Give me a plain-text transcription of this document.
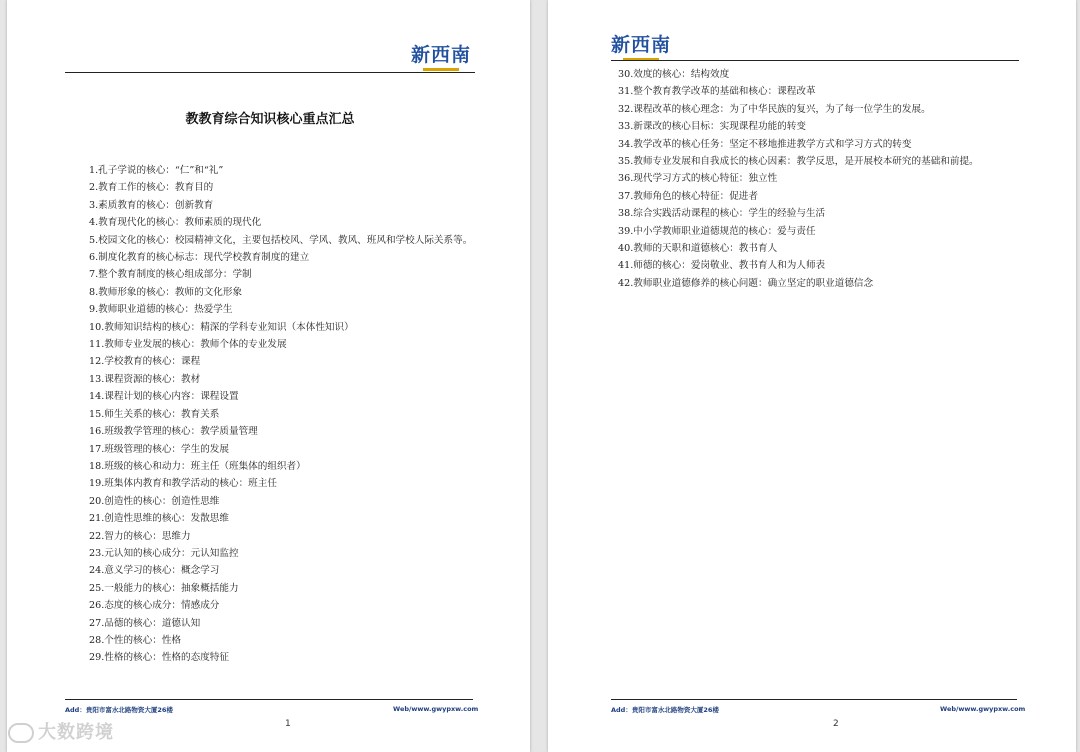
新西南
教教育综合知识核心重点汇总
1.孔子学说的核心：“仁”和“礼”
2.教育工作的核心：教育目的
3.素质教育的核心：创新教育
4.教育现代化的核心：教师素质的现代化
5.校园文化的核心：校园精神文化，主要包括校风、学风、教风、班风和学校人际关系等。
6.制度化教育的核心标志：现代学校教育制度的建立
7.整个教育制度的核心组成部分：学制
8.教师形象的核心：教师的文化形象
9.教师职业道德的核心：热爱学生
10.教师知识结构的核心：精深的学科专业知识（本体性知识）
11.教师专业发展的核心：教师个体的专业发展
12.学校教育的核心：课程
13.课程资源的核心：教材
14.课程计划的核心内容：课程设置
15.师生关系的核心：教育关系
16.班级教学管理的核心：教学质量管理
17.班级管理的核心：学生的发展
18.班级的核心和动力：班主任（班集体的组织者）
19.班集体内教育和教学活动的核心：班主任
20.创造性的核心：创造性思维
21.创造性思维的核心：发散思维
22.智力的核心：思维力
23.元认知的核心成分：元认知监控
24.意义学习的核心：概念学习
25.一般能力的核心：抽象概括能力
26.态度的核心成分：情感成分
27.品德的核心：道德认知
28.个性的核心：性格
29.性格的核心：性格的态度特征
Add：贵阳市富水北路物资大厦26楼	Web/www.gwypxw.com
1
新西南
30.效度的核心：结构效度
31.整个教育教学改革的基础和核心：课程改革
32.课程改革的核心理念：为了中华民族的复兴，为了每一位学生的发展。
33.新课改的核心目标：实现课程功能的转变
34.教学改革的核心任务：坚定不移地推进教学方式和学习方式的转变
35.教师专业发展和自我成长的核心因素：教学反思，是开展校本研究的基础和前提。
36.现代学习方式的核心特征：独立性
37.教师角色的核心特征：促进者
38.综合实践活动课程的核心：学生的经验与生活
39.中小学教师职业道德规范的核心：爱与责任
40.教师的天职和道德核心：教书育人
41.师德的核心：爱岗敬业、教书育人和为人师表
42.教师职业道德修养的核心问题：确立坚定的职业道德信念
Add：贵阳市富水北路物资大厦26楼	Web/www.gwypxw.com
2
大数跨境
